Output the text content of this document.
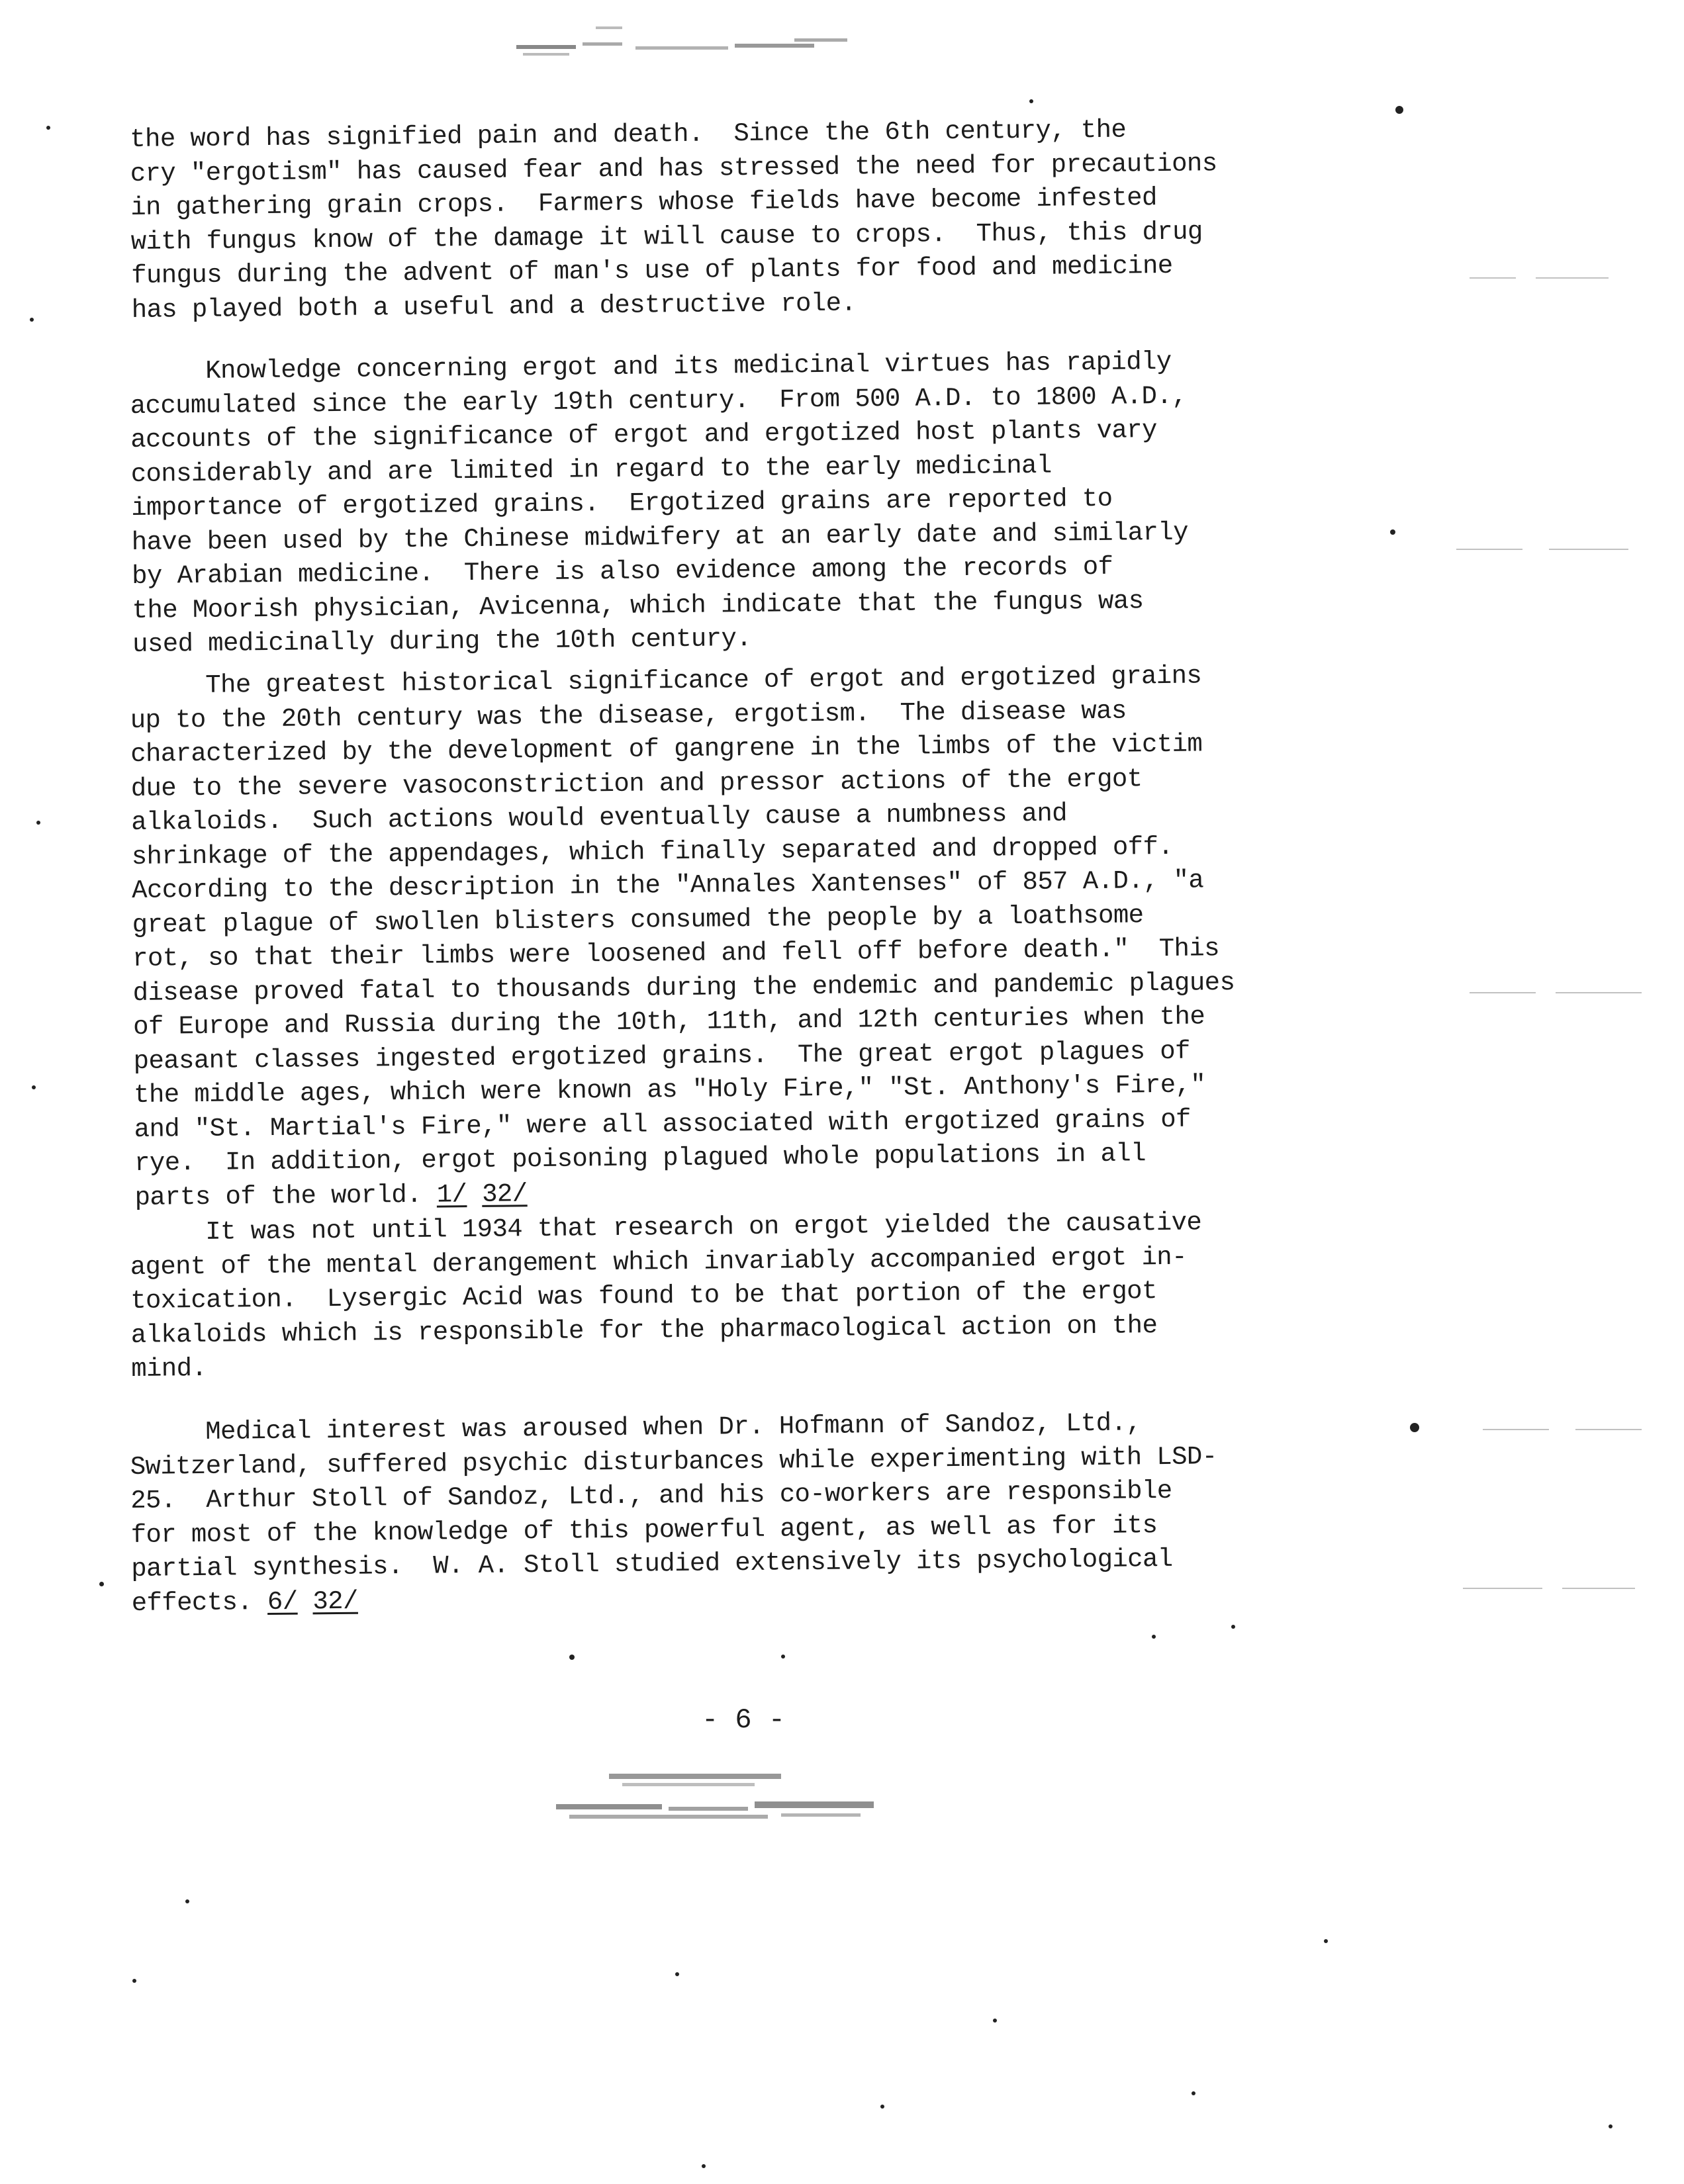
the word has signified pain and death.  Since the 6th century, the
cry "ergotism" has caused fear and has stressed the need for precautions
in gathering grain crops.  Farmers whose fields have become infested
with fungus know of the damage it will cause to crops.  Thus, this drug
fungus during the advent of man's use of plants for food and medicine
has played both a useful and a destructive role.
Knowledge concerning ergot and its medicinal virtues has rapidly
accumulated since the early 19th century.  From 500 A.D. to 1800 A.D.,
accounts of the significance of ergot and ergotized host plants vary
considerably and are limited in regard to the early medicinal
importance of ergotized grains.  Ergotized grains are reported to
have been used by the Chinese midwifery at an early date and similarly
by Arabian medicine.  There is also evidence among the records of
the Moorish physician, Avicenna, which indicate that the fungus was
used medicinally during the 10th century.
The greatest historical significance of ergot and ergotized grains
up to the 20th century was the disease, ergotism.  The disease was
characterized by the development of gangrene in the limbs of the victim
due to the severe vasoconstriction and pressor actions of the ergot
alkaloids.  Such actions would eventually cause a numbness and
shrinkage of the appendages, which finally separated and dropped off.
According to the description in the "Annales Xantenses" of 857 A.D., "a
great plague of swollen blisters consumed the people by a loathsome
rot, so that their limbs were loosened and fell off before death."  This
disease proved fatal to thousands during the endemic and pandemic plagues
of Europe and Russia during the 10th, 11th, and 12th centuries when the
peasant classes ingested ergotized grains.  The great ergot plagues of
the middle ages, which were known as "Holy Fire," "St. Anthony's Fire,"
and "St. Martial's Fire," were all associated with ergotized grains of
rye.  In addition, ergot poisoning plagued whole populations in all
parts of the world. 1/ 32/
It was not until 1934 that research on ergot yielded the causative
agent of the mental derangement which invariably accompanied ergot in-
toxication.  Lysergic Acid was found to be that portion of the ergot
alkaloids which is responsible for the pharmacological action on the
mind.
Medical interest was aroused when Dr. Hofmann of Sandoz, Ltd.,
Switzerland, suffered psychic disturbances while experimenting with LSD-
25.  Arthur Stoll of Sandoz, Ltd., and his co-workers are responsible
for most of the knowledge of this powerful agent, as well as for its
partial synthesis.  W. A. Stoll studied extensively its psychological
effects. 6/ 32/
- 6 -
